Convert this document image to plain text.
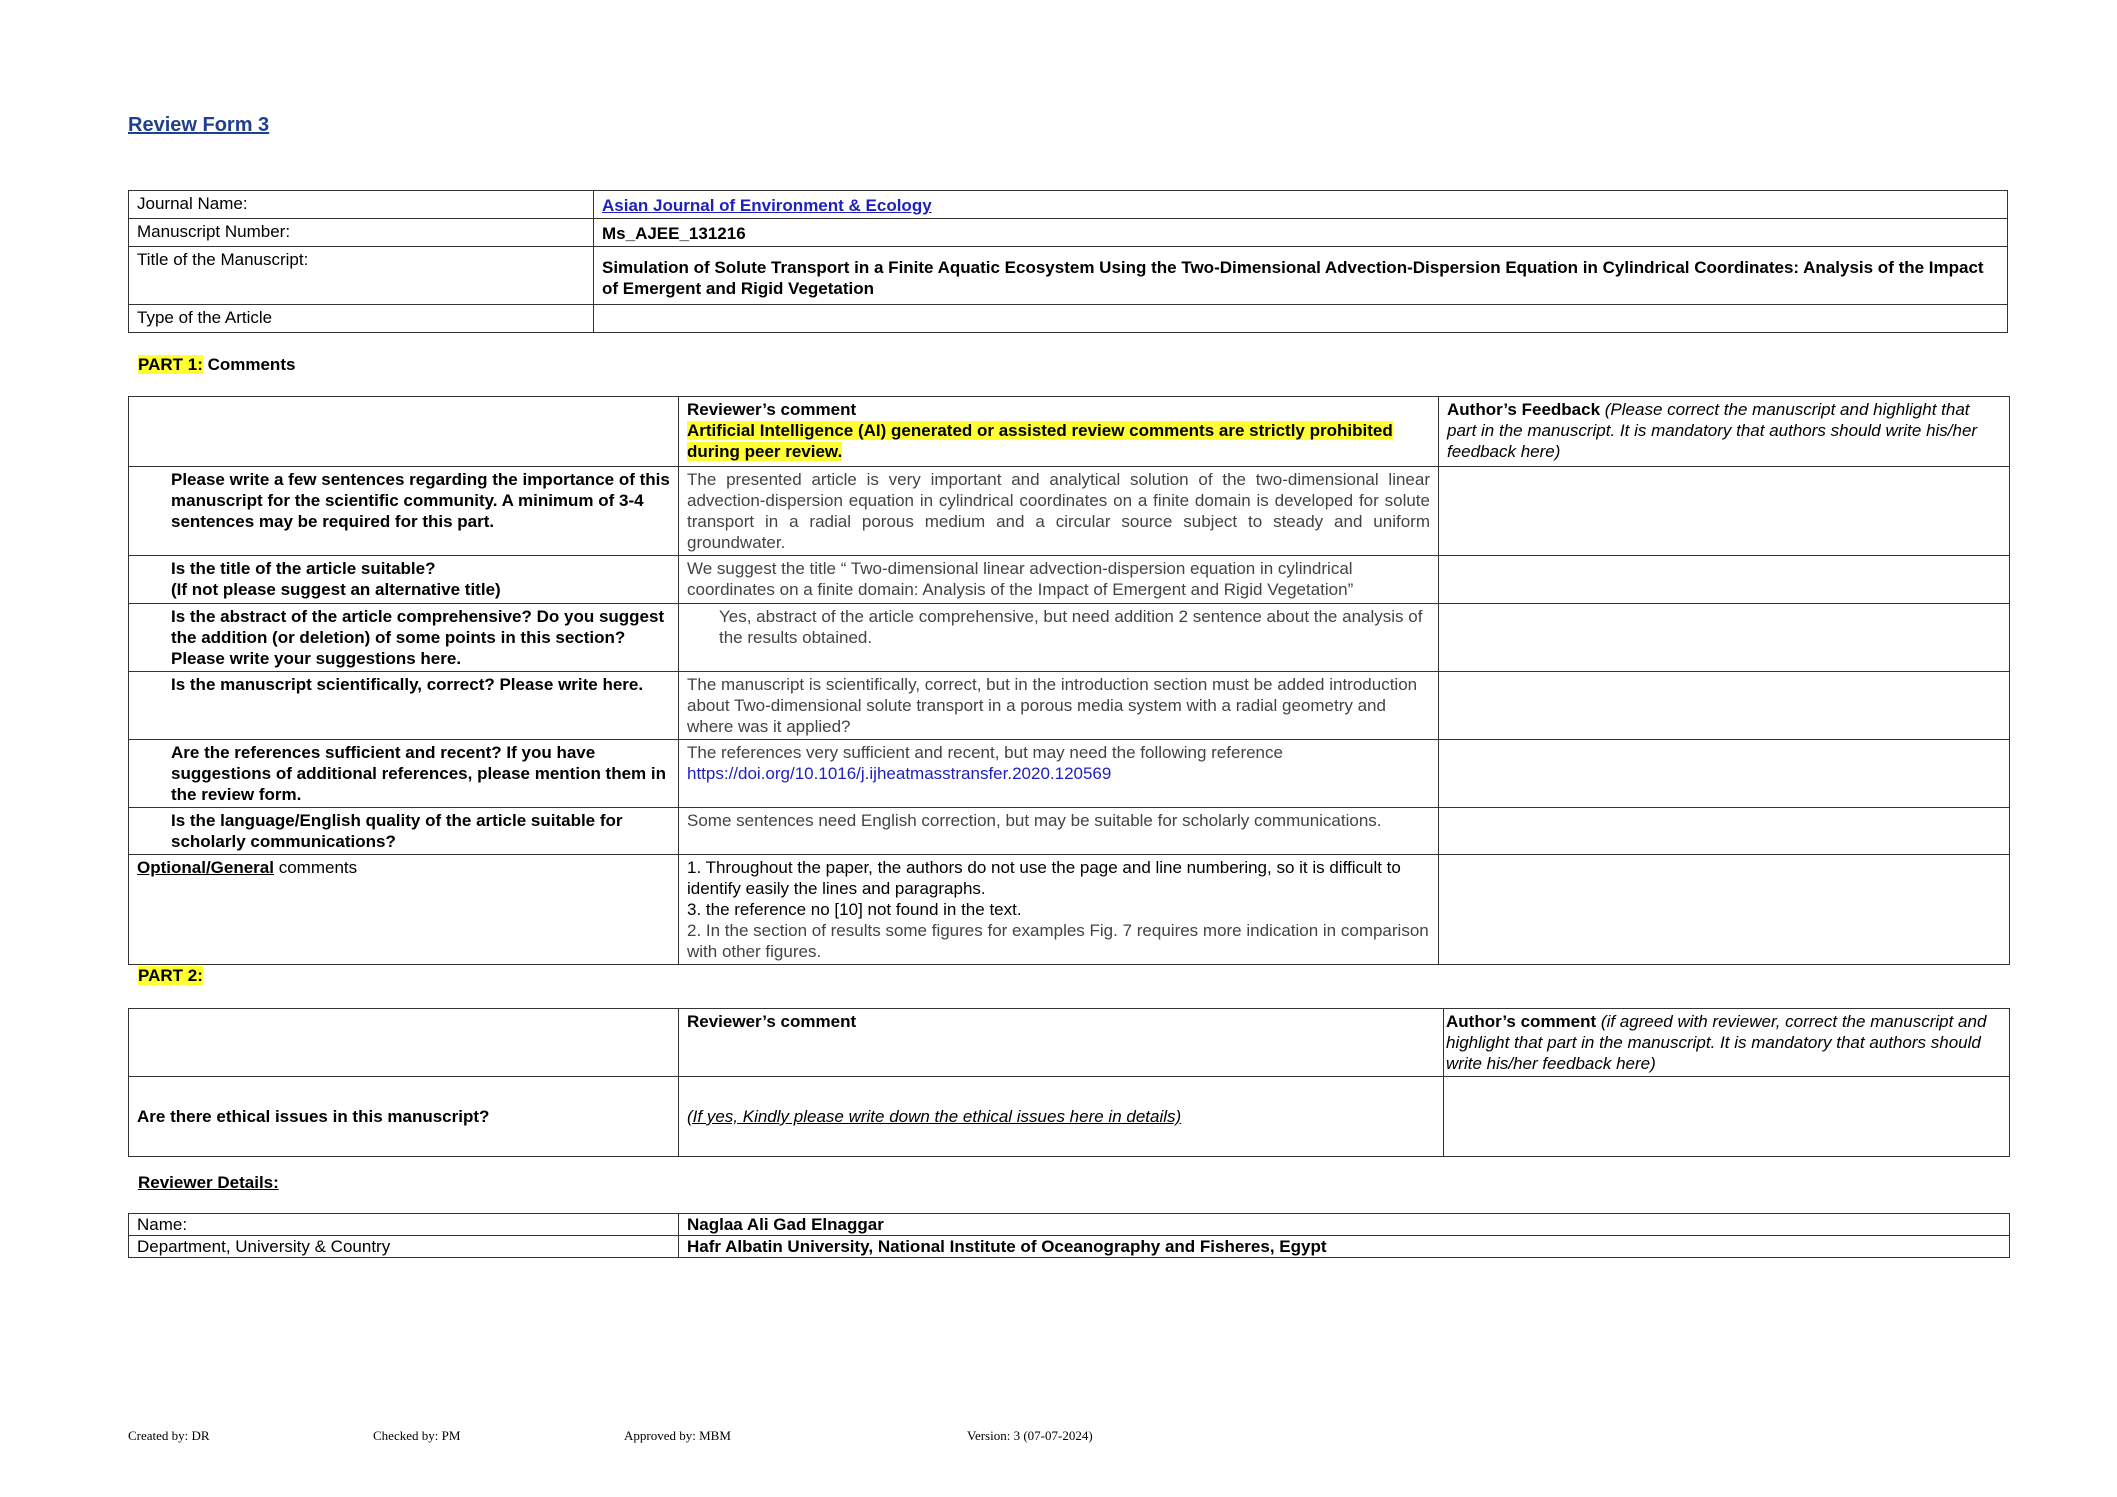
Review Form 3
Journal Name:	Asian Journal of Environment & Ecology
Manuscript Number:	Ms_AJEE_131216
Title of the Manuscript:	Simulation of Solute Transport in a Finite Aquatic Ecosystem Using the Two-Dimensional Advection-Dispersion Equation in Cylindrical Coordinates: Analysis of the Impact of Emergent and Rigid Vegetation
Type of the Article	
PART 1: Comments

	Reviewer’s comment
Artificial Intelligence (AI) generated or assisted review comments are strictly prohibited during peer review.	Author’s Feedback (Please correct the manuscript and highlight that part in the manuscript. It is mandatory that authors should write his/her feedback here)
Please write a few sentences regarding the importance of this manuscript for the scientific community. A minimum of 3-4 sentences may be required for this part.	The presented article is very important and analytical solution of the two-dimensional linear advection-dispersion equation in cylindrical coordinates on a finite domain is developed for solute transport in a radial porous medium and a circular source subject to steady and uniform groundwater.	

Is the title of the article suitable?
(If not please suggest an alternative title)	We suggest the title “ Two-dimensional linear advection-dispersion equation in cylindrical coordinates on a finite domain: Analysis of the Impact of Emergent and Rigid Vegetation”	
Is the abstract of the article comprehensive? Do you suggest the addition (or deletion) of some points in this section? Please write your suggestions here.	Yes, abstract of the article comprehensive, but need addition 2 sentence about the analysis of the results obtained.	
Is the manuscript scientifically, correct? Please write here.	The manuscript is scientifically, correct, but in the introduction section must be added introduction about Two-dimensional solute transport in a porous media system with a radial geometry and where was it applied?	
Are the references sufficient and recent? If you have suggestions of additional references, please mention them in the review form.	The references very sufficient and recent, but may need the following reference
https://doi.org/10.1016/j.ijheatmasstransfer.2020.120569	

Is the language/English quality of the article suitable for scholarly communications?	Some sentences need English correction, but may be suitable for scholarly communications.	
Optional/General comments	1. Throughout the paper, the authors do not use the page and line numbering, so it is difficult to identify easily the lines and paragraphs.
3. the reference no [10] not found in the text.
2. In the section of results some figures for examples Fig. 7 requires more indication in comparison with other figures.	

PART 2:
	Reviewer’s comment	Author’s comment (if agreed with reviewer, correct the manuscript and highlight that part in the manuscript. It is mandatory that authors should write his/her feedback here)
Are there ethical issues in this manuscript?	(If yes, Kindly please write down the ethical issues here in details)	
Reviewer Details:
Name:	Naglaa Ali Gad Elnaggar
Department, University & Country	Hafr Albatin University, National Institute of Oceanography and Fisheres, Egypt
Created by: DR	Checked by: PM	Approved by: MBM	Version: 3 (07-07-2024)
